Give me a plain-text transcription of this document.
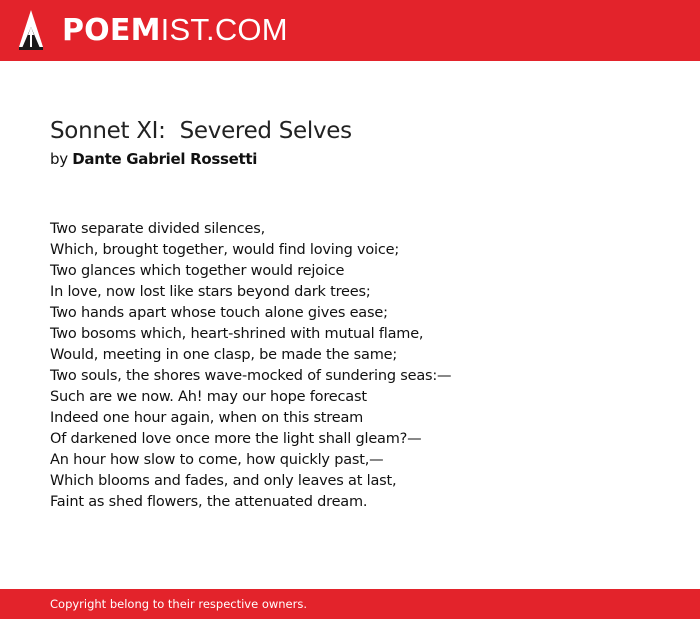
POEMIST.COM
Sonnet XI:  Severed Selves
by Dante Gabriel Rossetti
Two separate divided silences,
Which, brought together, would find loving voice;
Two glances which together would rejoice
In love, now lost like stars beyond dark trees;
Two hands apart whose touch alone gives ease;
Two bosoms which, heart-shrined with mutual flame,
Would, meeting in one clasp, be made the same;
Two souls, the shores wave-mocked of sundering seas:—
Such are we now. Ah! may our hope forecast
Indeed one hour again, when on this stream
Of darkened love once more the light shall gleam?—
An hour how slow to come, how quickly past,—
Which blooms and fades, and only leaves at last,
Faint as shed flowers, the attenuated dream.
Copyright belong to their respective owners.
